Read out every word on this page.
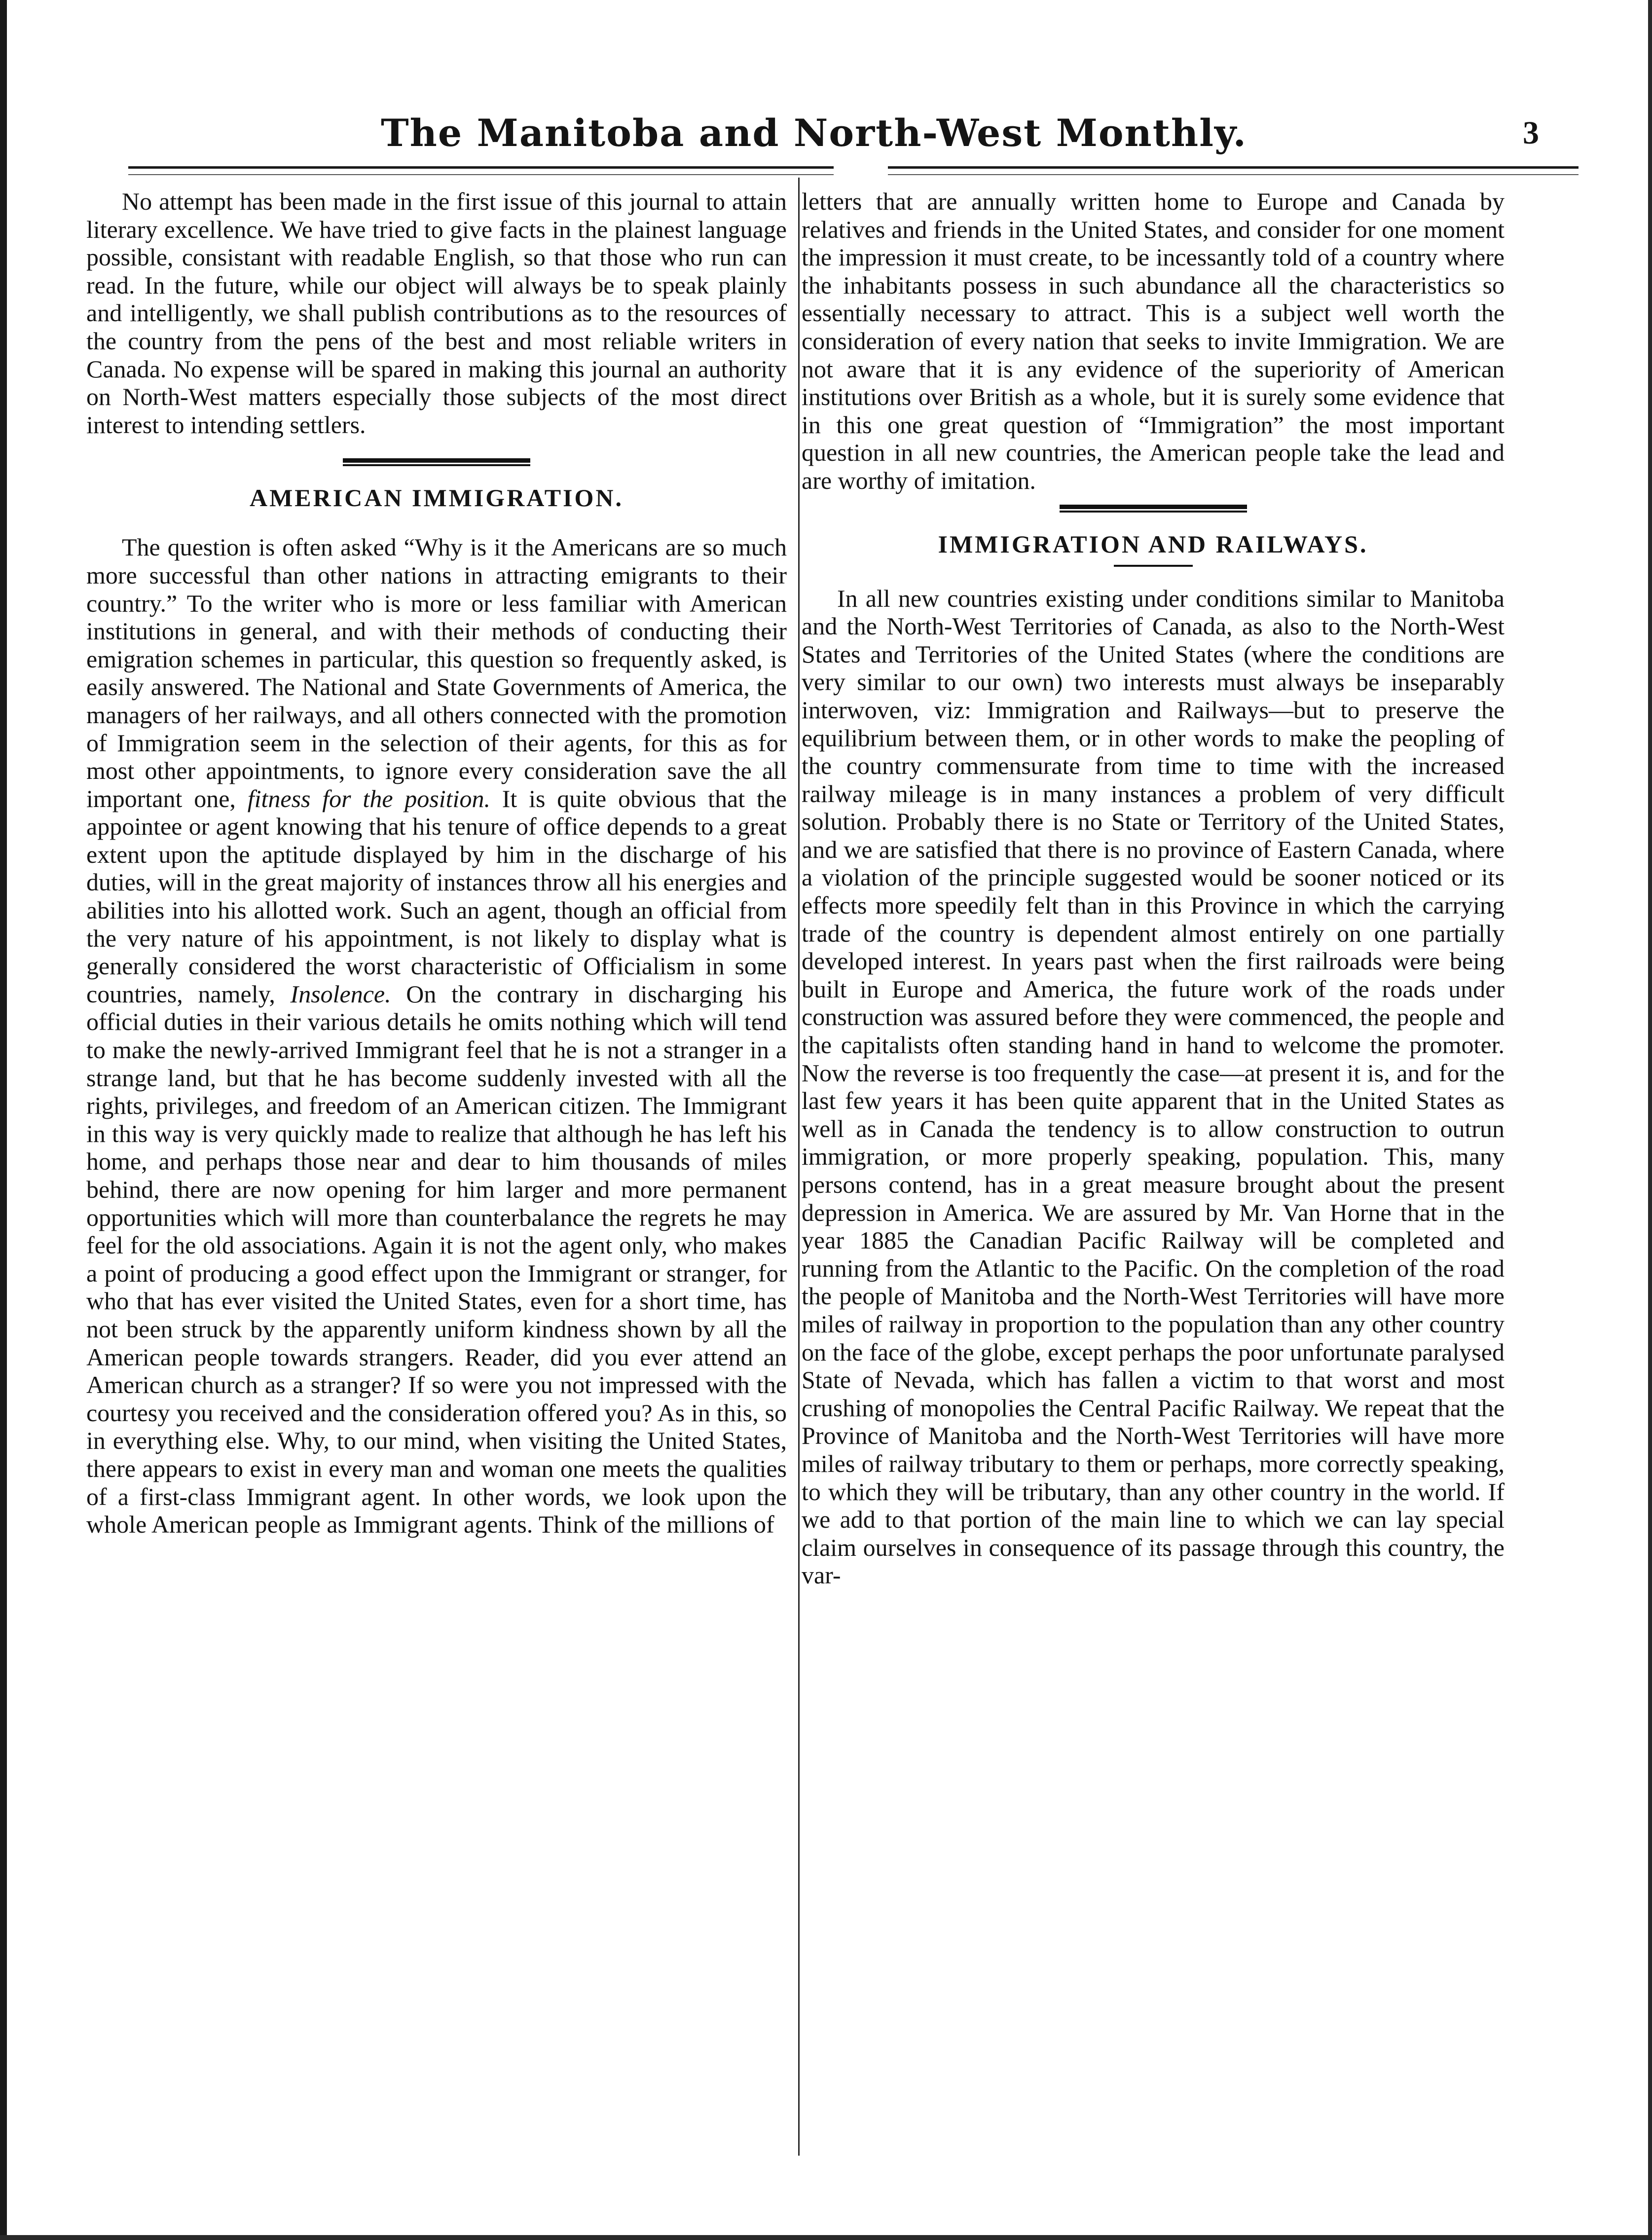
The Manitoba and North-West Monthly.	3

No attempt has been made in the first issue of this journal to attain literary excellence. We have tried to give facts in the plainest language possible, consistant with readable English, so that those who run can read. In the future, while our object will always be to speak plainly and intelligently, we shall publish contributions as to the resources of the country from the pens of the best and most reliable writers in Canada. No expense will be spared in making this journal an authority on North-West matters especially those subjects of the most direct interest to intending settlers.

AMERICAN IMMIGRATION.

The question is often asked “Why is it the Americans are so much more successful than other nations in attracting emigrants to their country.” To the writer who is more or less familiar with American institutions in general, and with their methods of conducting their emigration schemes in particular, this question so frequently asked, is easily answered. The National and State Governments of America, the managers of her railways, and all others connected with the promotion of Immigration seem in the selection of their agents, for this as for most other appointments, to ignore every consideration save the all important one, fitness for the position. It is quite obvious that the appointee or agent knowing that his tenure of office depends to a great extent upon the aptitude displayed by him in the discharge of his duties, will in the great majority of instances throw all his energies and abilities into his allotted work. Such an agent, though an official from the very nature of his appointment, is not likely to display what is generally considered the worst characteristic of Officialism in some countries, namely, Insolence. On the contrary in discharging his official duties in their various details he omits nothing which will tend to make the newly-arrived Immigrant feel that he is not a stranger in a strange land, but that he has become suddenly invested with all the rights, privileges, and freedom of an American citizen. The Immigrant in this way is very quickly made to realize that although he has left his home, and perhaps those near and dear to him thousands of miles behind, there are now opening for him larger and more permanent opportunities which will more than counterbalance the regrets he may feel for the old associations. Again it is not the agent only, who makes a point of producing a good effect upon the Immigrant or stranger, for who that has ever visited the United States, even for a short time, has not been struck by the apparently uniform kindness shown by all the American people towards strangers. Reader, did you ever attend an American church as a stranger? If so were you not impressed with the courtesy you received and the consideration offered you? As in this, so in everything else. Why, to our mind, when visiting the United States, there appears to exist in every man and woman one meets the qualities of a first-class Immigrant agent. In other words, we look upon the whole American people as Immigrant agents. Think of the millions of

letters that are annually written home to Europe and Canada by relatives and friends in the United States, and consider for one moment the impression it must create, to be incessantly told of a country where the inhabitants possess in such abundance all the characteristics so essentially necessary to attract. This is a subject well worth the consideration of every nation that seeks to invite Immigration. We are not aware that it is any evidence of the superiority of American institutions over British as a whole, but it is surely some evidence that in this one great question of “Immigration” the most important question in all new countries, the American people take the lead and are worthy of imitation.

IMMIGRATION AND RAILWAYS.

In all new countries existing under conditions similar to Manitoba and the North-West Territories of Canada, as also to the North-West States and Territories of the United States (where the conditions are very similar to our own) two interests must always be inseparably interwoven, viz: Immigration and Railways—but to preserve the equilibrium between them, or in other words to make the peopling of the country commensurate from time to time with the increased railway mileage is in many instances a problem of very difficult solution. Probably there is no State or Territory of the United States, and we are satisfied that there is no province of Eastern Canada, where a violation of the principle suggested would be sooner noticed or its effects more speedily felt than in this Province in which the carrying trade of the country is dependent almost entirely on one partially developed interest. In years past when the first railroads were being built in Europe and America, the future work of the roads under construction was assured before they were commenced, the people and the capitalists often standing hand in hand to welcome the promoter. Now the reverse is too frequently the case—at present it is, and for the last few years it has been quite apparent that in the United States as well as in Canada the tendency is to allow construction to outrun immigration, or more properly speaking, population. This, many persons contend, has in a great measure brought about the present depression in America. We are assured by Mr. Van Horne that in the year 1885 the Canadian Pacific Railway will be completed and running from the Atlantic to the Pacific. On the completion of the road the people of Manitoba and the North-West Territories will have more miles of railway in proportion to the population than any other country on the face of the globe, except perhaps the poor unfortunate paralysed State of Nevada, which has fallen a victim to that worst and most crushing of monopolies the Central Pacific Railway. We repeat that the Province of Manitoba and the North-West Territories will have more miles of railway tributary to them or perhaps, more correctly speaking, to which they will be tributary, than any other country in the world. If we add to that portion of the main line to which we can lay special claim ourselves in consequence of its passage through this country, the var-
